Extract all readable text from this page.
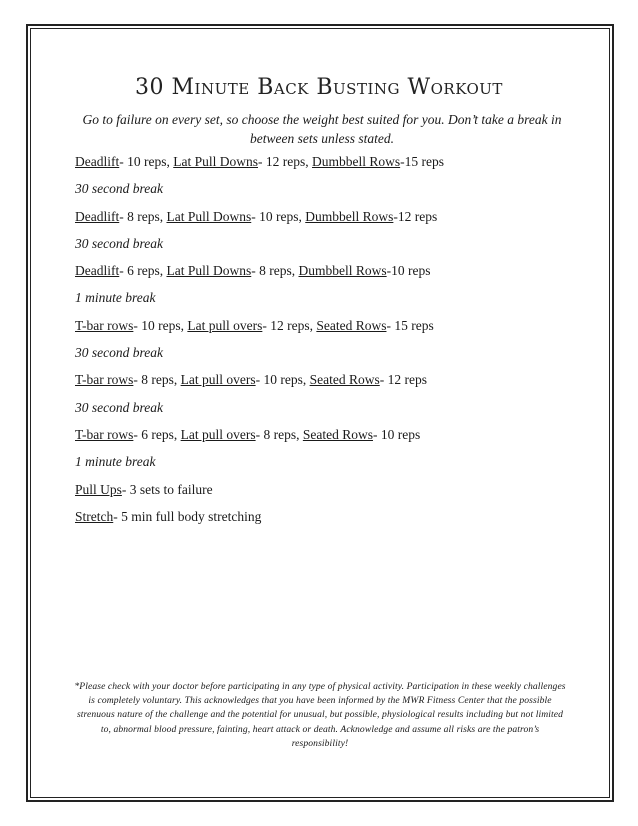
30 Minute Back Busting Workout
Go to failure on every set, so choose the weight best suited for you. Don’t take a break in between sets unless stated.
Deadlift- 10 reps, Lat Pull Downs- 12 reps, Dumbbell Rows-15 reps
30 second break
Deadlift- 8 reps, Lat Pull Downs- 10 reps, Dumbbell Rows-12 reps
30 second break
Deadlift- 6 reps, Lat Pull Downs- 8 reps, Dumbbell Rows-10 reps
1 minute break
T-bar rows- 10 reps, Lat pull overs- 12 reps, Seated Rows- 15 reps
30 second break
T-bar rows- 8 reps, Lat pull overs- 10 reps, Seated Rows- 12 reps
30 second break
T-bar rows- 6 reps, Lat pull overs- 8 reps, Seated Rows- 10 reps
1 minute break
Pull Ups- 3 sets to failure
Stretch- 5 min full body stretching
*Please check with your doctor before participating in any type of physical activity. Participation in these weekly challenges is completely voluntary. This acknowledges that you have been informed by the MWR Fitness Center that the possible strenuous nature of the challenge and the potential for unusual, but possible, physiological results including but not limited to, abnormal blood pressure, fainting, heart attack or death. Acknowledge and assume all risks are the patron’s responsibility!
